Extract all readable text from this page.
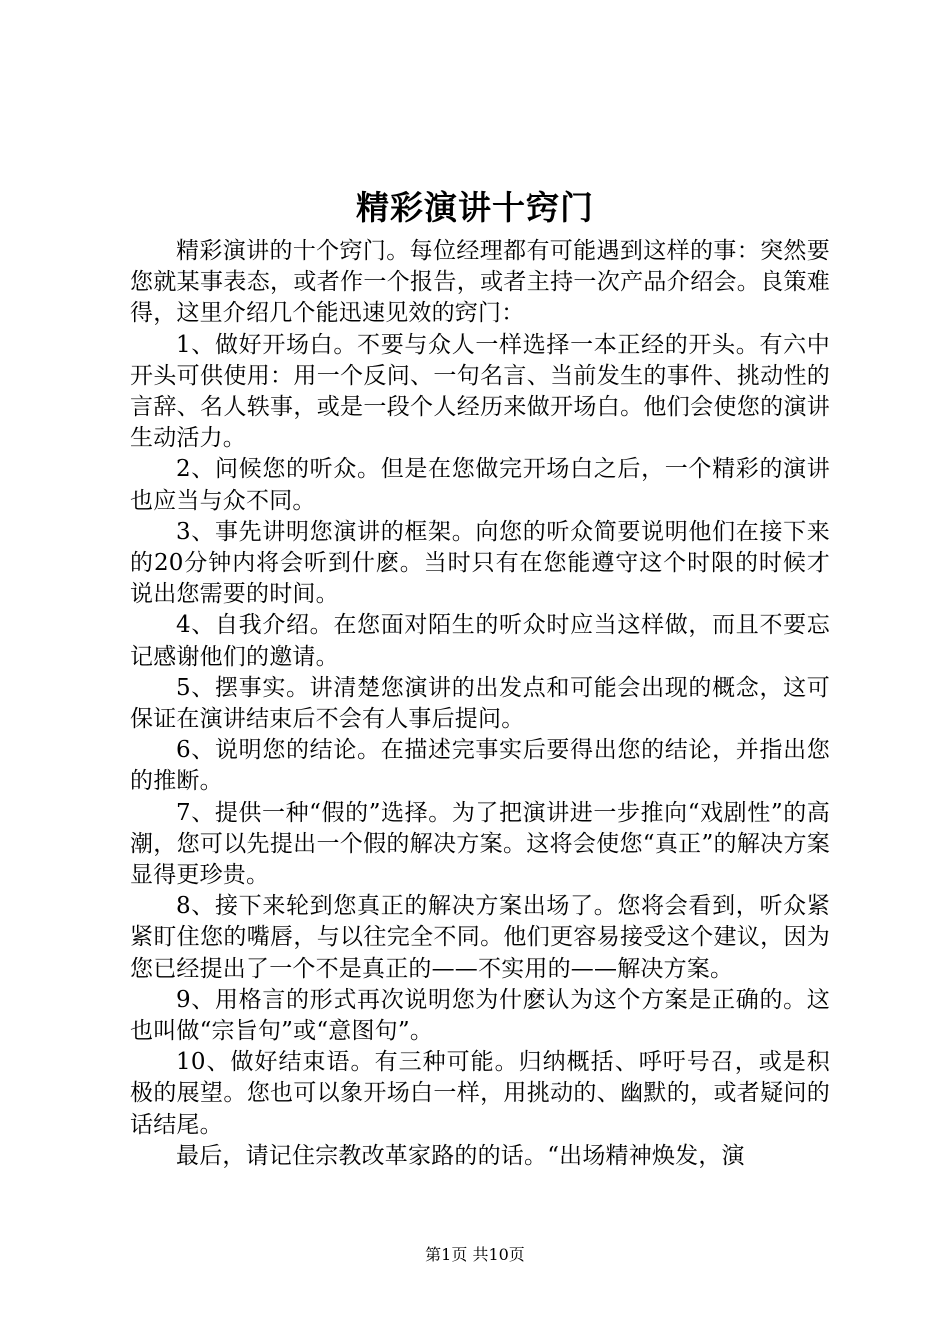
精彩演讲十窍门

精彩演讲的十个窍门。每位经理都有可能遇到这样的事：突然要您就某事表态，或者作一个报告，或者主持一次产品介绍会。良策难得，这里介绍几个能迅速见效的窍门：

1、做好开场白。不要与众人一样选择一本正经的开头。有六中开头可供使用：用一个反问、一句名言、当前发生的事件、挑动性的言辞、名人轶事，或是一段个人经历来做开场白。他们会使您的演讲生动活力。

2、问候您的听众。但是在您做完开场白之后，一个精彩的演讲也应当与众不同。

3、事先讲明您演讲的框架。向您的听众简要说明他们在接下来的20分钟内将会听到什麽。当时只有在您能遵守这个时限的时候才说出您需要的时间。

4、自我介绍。在您面对陌生的听众时应当这样做，而且不要忘记感谢他们的邀请。

5、摆事实。讲清楚您演讲的出发点和可能会出现的概念，这可保证在演讲结束后不会有人事后提问。

6、说明您的结论。在描述完事实后要得出您的结论，并指出您的推断。

7、提供一种“假的”选择。为了把演讲进一步推向“戏剧性”的高潮，您可以先提出一个假的解决方案。这将会使您“真正”的解决方案显得更珍贵。

8、接下来轮到您真正的解决方案出场了。您将会看到，听众紧紧盯住您的嘴唇，与以往完全不同。他们更容易接受这个建议，因为您已经提出了一个不是真正的——不实用的——解决方案。

9、用格言的形式再次说明您为什麽认为这个方案是正确的。这也叫做“宗旨句”或“意图句”。

10、做好结束语。有三种可能。归纳概括、呼吁号召，或是积极的展望。您也可以象开场白一样，用挑动的、幽默的，或者疑问的话结尾。

最后，请记住宗教改革家路的的话。“出场精神焕发，演

第1页 共10页
